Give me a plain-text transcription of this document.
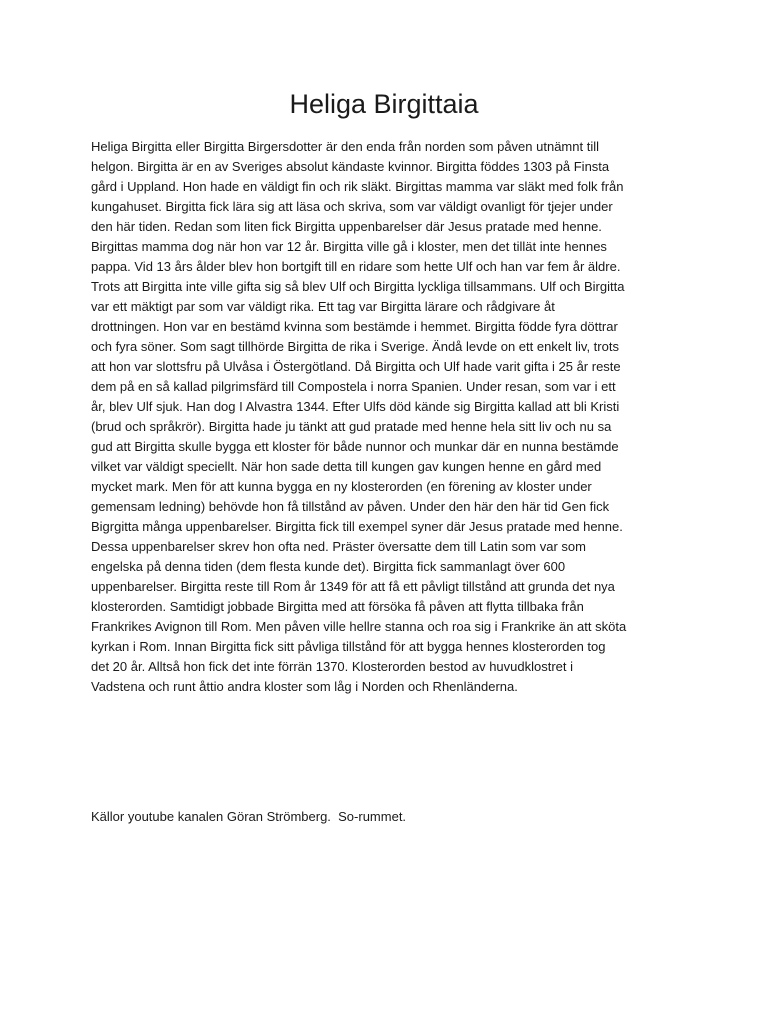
Heliga Birgittaia
Heliga Birgitta eller Birgitta Birgersdotter är den enda från norden som påven utnämnt till
helgon. Birgitta är en av Sveriges absolut kändaste kvinnor. Birgitta föddes 1303 på Finsta
gård i Uppland. Hon hade en väldigt fin och rik släkt. Birgittas mamma var släkt med folk från
kungahuset. Birgitta fick lära sig att läsa och skriva, som var väldigt ovanligt för tjejer under
den här tiden. Redan som liten fick Birgitta uppenbarelser där Jesus pratade med henne.
Birgittas mamma dog när hon var 12 år. Birgitta ville gå i kloster, men det tillät inte hennes
pappa. Vid 13 års ålder blev hon bortgift till en ridare som hette Ulf och han var fem år äldre.
Trots att Birgitta inte ville gifta sig så blev Ulf och Birgitta lyckliga tillsammans. Ulf och Birgitta
var ett mäktigt par som var väldigt rika. Ett tag var Birgitta lärare och rådgivare åt
drottningen. Hon var en bestämd kvinna som bestämde i hemmet. Birgitta födde fyra döttrar
och fyra söner. Som sagt tillhörde Birgitta de rika i Sverige. Ändå levde on ett enkelt liv, trots
att hon var slottsfru på Ulvåsa i Östergötland. Då Birgitta och Ulf hade varit gifta i 25 år reste
dem på en så kallad pilgrimsfärd till Compostela i norra Spanien. Under resan, som var i ett
år, blev Ulf sjuk. Han dog I Alvastra 1344. Efter Ulfs död kände sig Birgitta kallad att bli Kristi
(brud och språkrör). Birgitta hade ju tänkt att gud pratade med henne hela sitt liv och nu sa
gud att Birgitta skulle bygga ett kloster för både nunnor och munkar där en nunna bestämde
vilket var väldigt speciellt. När hon sade detta till kungen gav kungen henne en gård med
mycket mark. Men för att kunna bygga en ny klosterorden (en förening av kloster under
gemensam ledning) behövde hon få tillstånd av påven. Under den här den här tid Gen fick
Bigrgitta många uppenbarelser. Birgitta fick till exempel syner där Jesus pratade med henne.
Dessa uppenbarelser skrev hon ofta ned. Präster översatte dem till Latin som var som
engelska på denna tiden (dem flesta kunde det). Birgitta fick sammanlagt över 600
uppenbarelser. Birgitta reste till Rom år 1349 för att få ett påvligt tillstånd att grunda det nya
klosterorden. Samtidigt jobbade Birgitta med att försöka få påven att flytta tillbaka från
Frankrikes Avignon till Rom. Men påven ville hellre stanna och roa sig i Frankrike än att sköta
kyrkan i Rom. Innan Birgitta fick sitt påvliga tillstånd för att bygga hennes klosterorden tog
det 20 år. Alltså hon fick det inte förrän 1370. Klosterorden bestod av huvudklostret i
Vadstena och runt åttio andra kloster som låg i Norden och Rhenländerna.
Källor youtube kanalen Göran Strömberg.  So-rummet.
